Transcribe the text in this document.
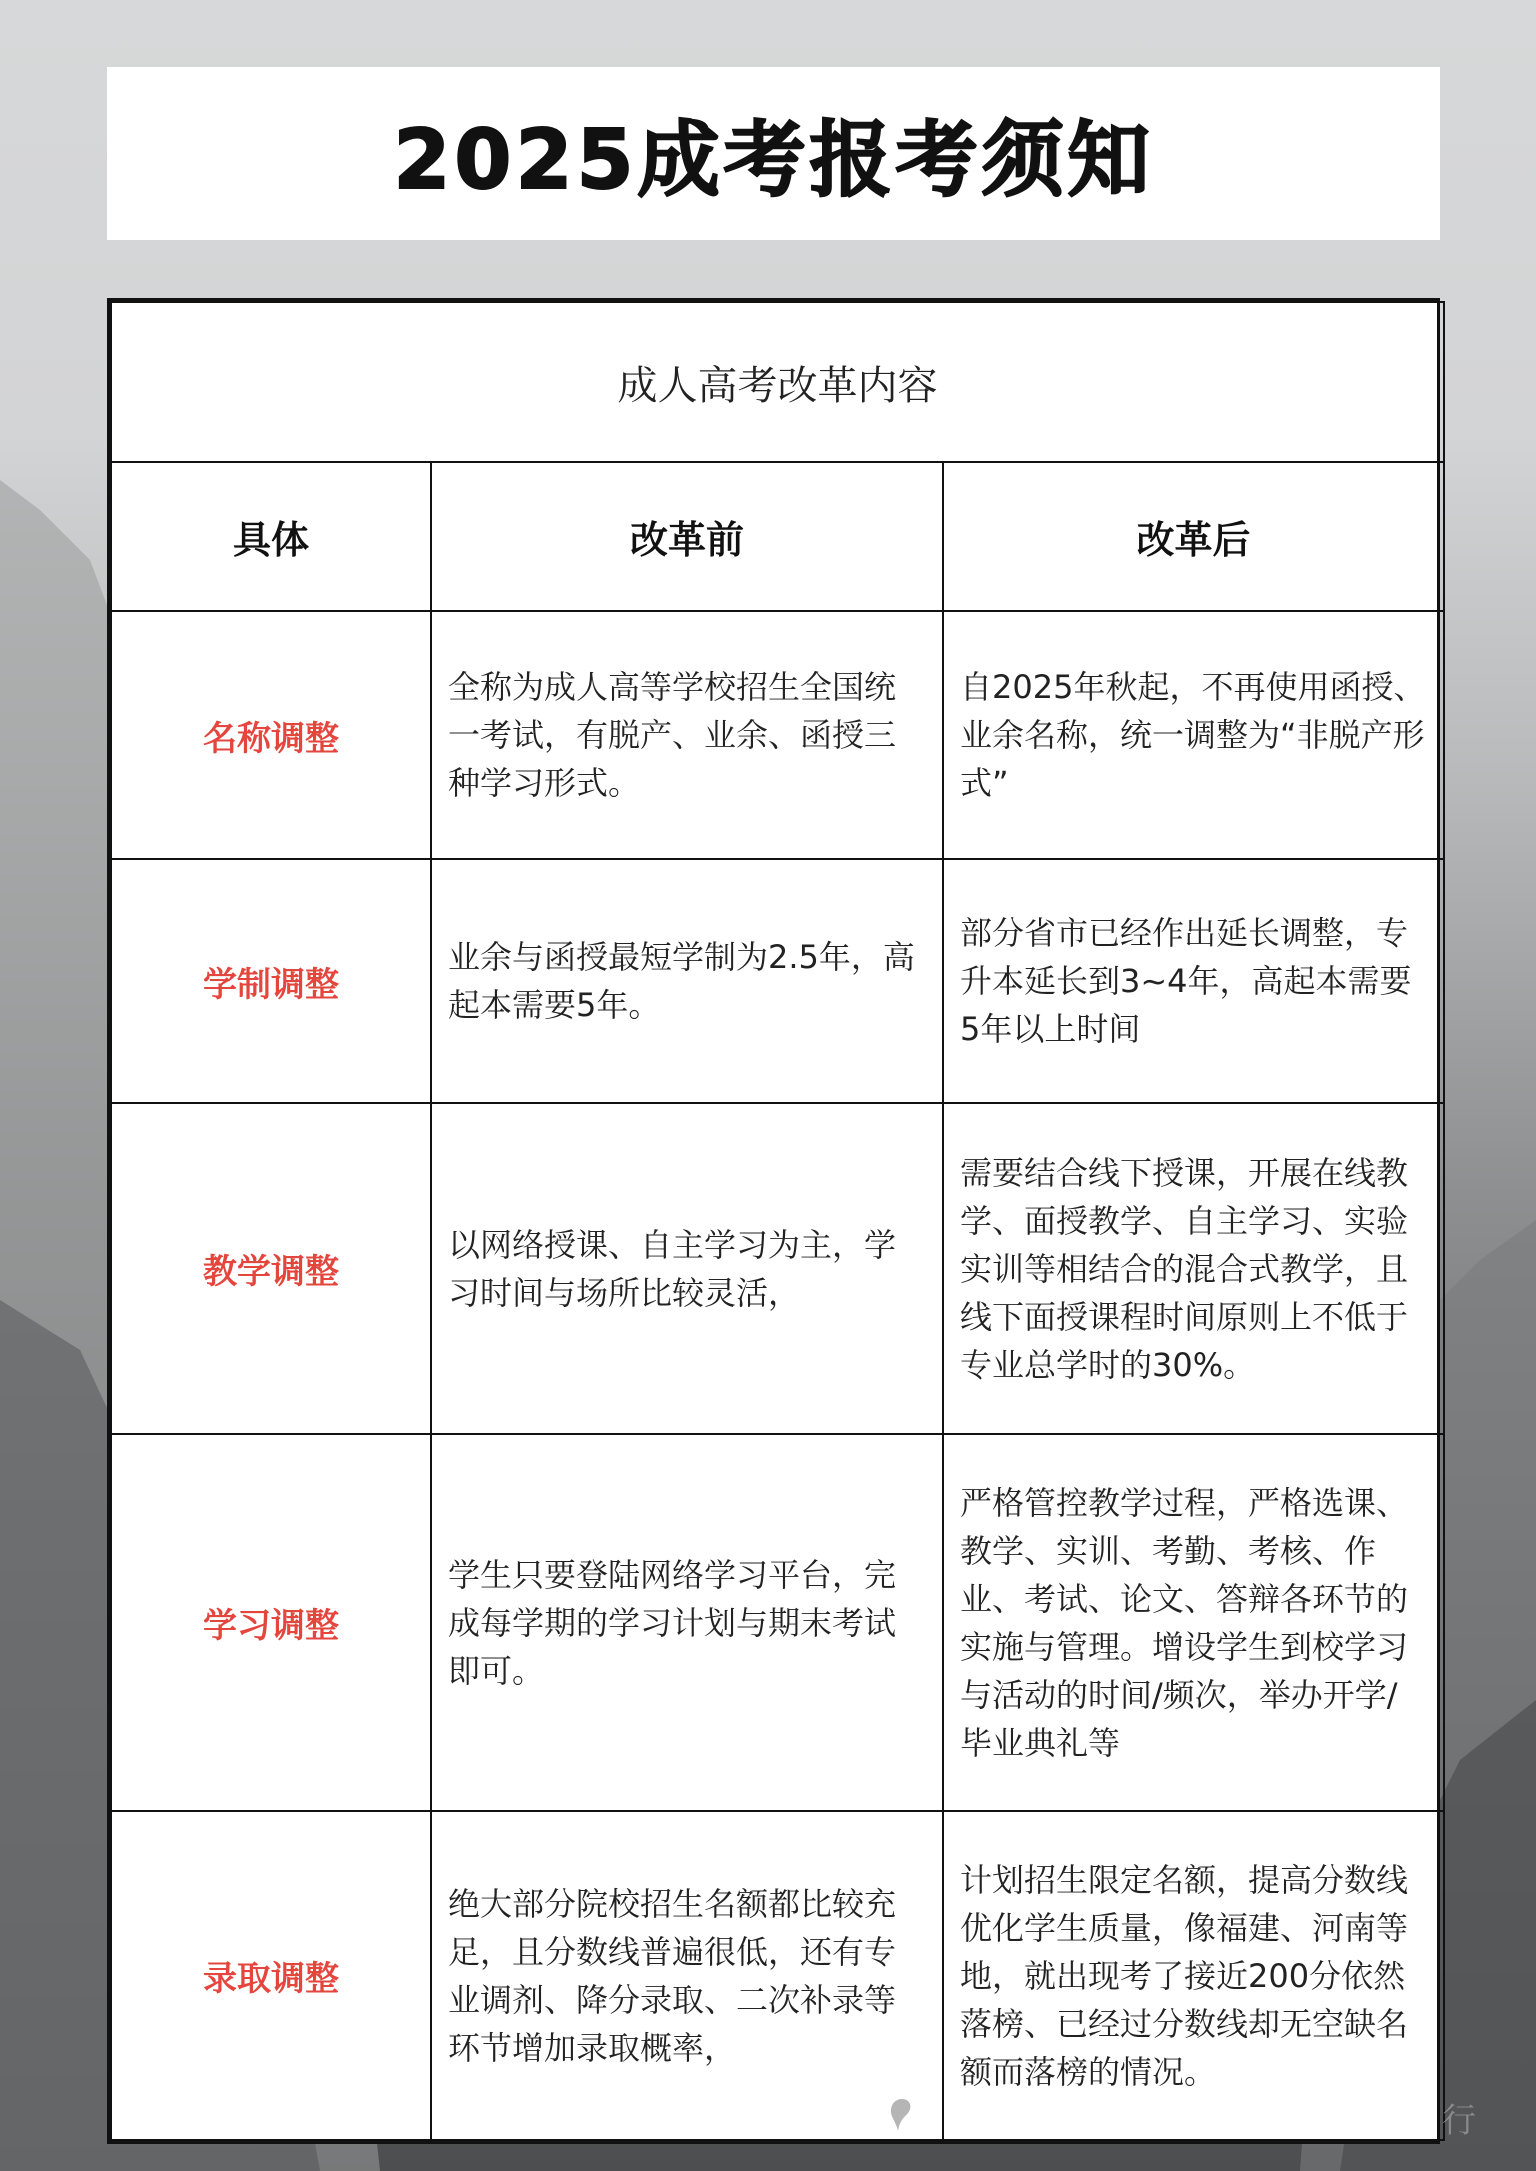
2025成考报考须知
成人高考改革内容		
具体	改革前	改革后
名称调整	全称为成人高等学校招生全国统一考试，有脱产、业余、函授三种学习形式。	自2025年秋起，不再使用函授、业余名称，统一调整为“非脱产形式”
学制调整	业余与函授最短学制为2.5年，高起本需要5年。	部分省市已经作出延长调整，专升本延长到3~4年，高起本需要5年以上时间
教学调整	以网络授课、自主学习为主，学习时间与场所比较灵活，	需要结合线下授课，开展在线教学、面授教学、自主学习、实验实训等相结合的混合式教学，且线下面授课程时间原则上不低于专业总学时的30%。
学习调整	学生只要登陆网络学习平台，完成每学期的学习计划与期末考试即可。	严格管控教学过程，严格选课、教学、实训、考勤、考核、作业、考试、论文、答辩各环节的实施与管理。增设学生到校学习与活动的时间/频次，举办开学/毕业典礼等
录取调整	绝大部分院校招生名额都比较充足，且分数线普遍很低，还有专业调剂、降分录取、二次补录等环节增加录取概率，	计划招生限定名额，提高分数线优化学生质量，像福建、河南等地，就出现考了接近200分依然落榜、已经过分数线却无空缺名额而落榜的情况。
行
